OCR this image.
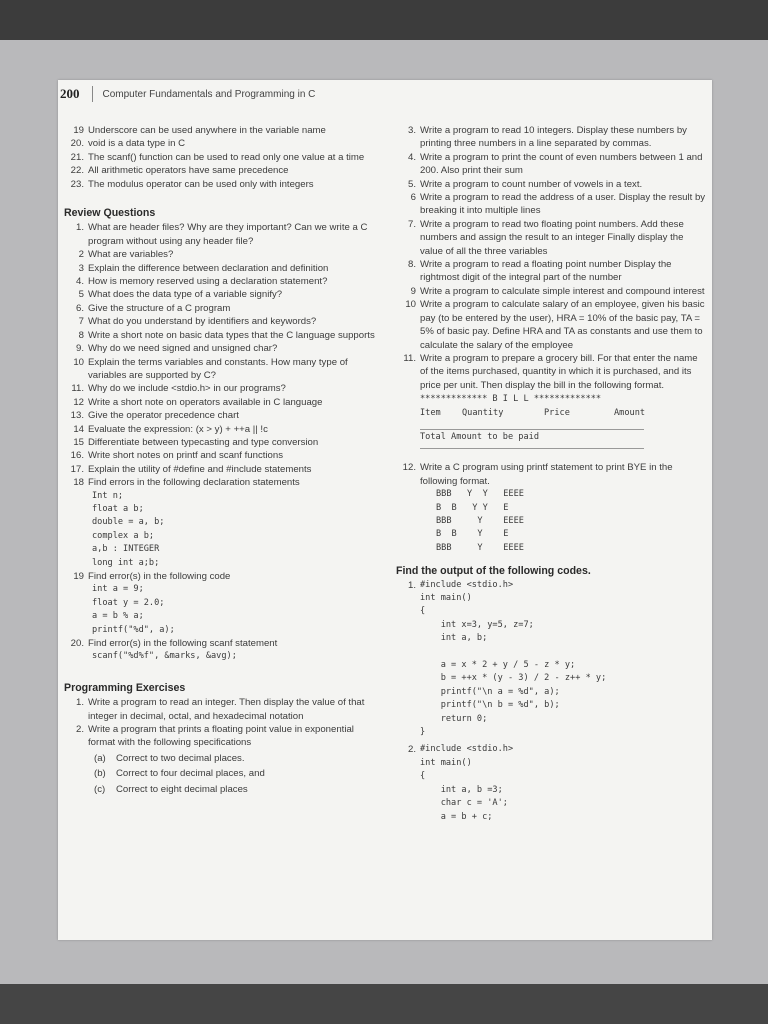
200 Computer Fundamentals and Programming in C
19 Underscore can be used anywhere in the variable name
20. void is a data type in C
21. The scanf() function can be used to read only one value at a time
22. All arithmetic operators have same precedence
23. The modulus operator can be used only with integers
Review Questions
1. What are header files? Why are they important? Can we write a C program without using any header file?
2 What are variables?
3 Explain the difference between declaration and definition
4. How is memory reserved using a declaration statement?
5 What does the data type of a variable signify?
6. Give the structure of a C program
7 What do you understand by identifiers and keywords?
8 Write a short note on basic data types that the C language supports
9. Why do we need signed and unsigned char?
10 Explain the terms variables and constants. How many type of variables are supported by C?
11. Why do we include <stdio.h> in our programs?
12 Write a short note on operators available in C language
13. Give the operator precedence chart
14 Evaluate the expression: (x > y) + ++a || !c
15 Differentiate between typecasting and type conversion
16. Write short notes on printf and scanf functions
17. Explain the utility of #define and #include statements
18 Find errors in the following declaration statements
Int n;
float a b;
double = a, b;
complex a b;
a,b : INTEGER
long int a;b;
19 Find error(s) in the following code
int a = 9;
float y = 2.0;
a = b % a;
printf("%d", a);
20. Find error(s) in the following scanf statement
scanf("%d%f", &marks, &avg);
Programming Exercises
1. Write a program to read an integer. Then display the value of that integer in decimal, octal, and hexadecimal notation
2. Write a program that prints a floating point value in exponential format with the following specifications
(a)	Correct to two decimal places.
(b)	Correct to four decimal places, and
(c)	Correct to eight decimal places
3. Write a program to read 10 integers. Display these numbers by printing three numbers in a line separated by commas.
4. Write a program to print the count of even numbers between 1 and 200. Also print their sum
5. Write a program to count number of vowels in a text.
6 Write a program to read the address of a user. Display the result by breaking it into multiple lines
7. Write a program to read two floating point numbers. Add these numbers and assign the result to an integer Finally display the value of all the three variables
8. Write a program to read a floating point number Display the rightmost digit of the integral part of the number
9 Write a program to calculate simple interest and compound interest
10 Write a program to calculate salary of an employee, given his basic pay (to be entered by the user), HRA = 10% of the basic pay, TA = 5% of basic pay. Define HRA and TA as constants and use them to calculate the salary of the employee
11. Write a program to prepare a grocery bill. For that enter the name of the items purchased, quantity in which it is purchased, and its price per unit. Then display the bill in the following format.
************* B I L L *************
Item	Quantity	Price	Amount
Total Amount to be paid
12. Write a C program using printf statement to print BYE in the following format.
BBB   Y  Y   EEEE
B  B   Y Y   E
BBB     Y    EEEE
B  B    Y    E
BBB     Y    EEEE
Find the output of the following codes.
1. #include <stdio.h>
int main()
{
int x=3, y=5, z=7;
int a, b;

a = x * 2 + y / 5 - z * y;
b = ++x * (y - 3) / 2 - z++ * y;
printf("\n a = %d", a);
printf("\n b = %d", b);
return 0;
}
2. #include <stdio.h>
int main()
{
int a, b =3;
char c = 'A';
a = b + c;
